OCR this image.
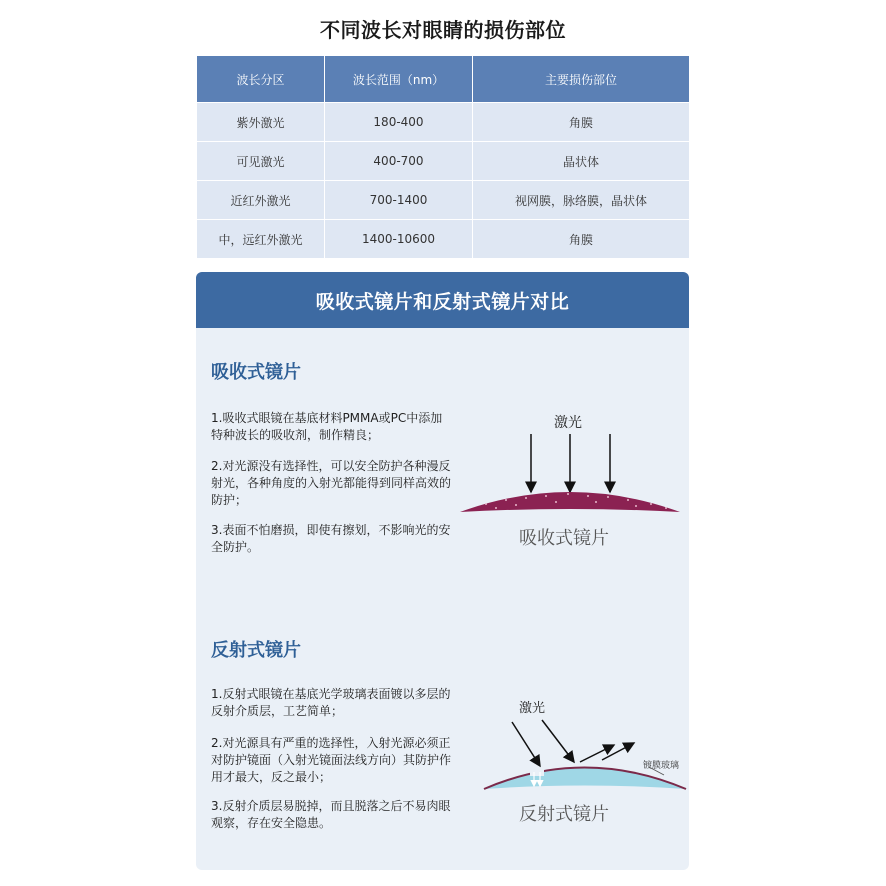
不同波长对眼睛的损伤部位
波长分区	波长范围（nm）	主要损伤部位
紫外激光	180-400	角膜
可见激光	400-700	晶状体
近红外激光	700-1400	视网膜，脉络膜，晶状体
中，远红外激光	1400-10600	角膜
吸收式镜片和反射式镜片对比
吸收式镜片

1.吸收式眼镜在基底材料PMMA或PC中添加特种波长的吸收剂，制作精良；

2.对光源没有选择性，可以安全防护各种漫反射光，各种角度的入射光都能得到同样高效的防护；

3.表面不怕磨损，即使有擦划，不影响光的安全防护。

激光
吸收式镜片
反射式镜片

1.反射式眼镜在基底光学玻璃表面镀以多层的反射介质层，工艺简单；

2.对光源具有严重的选择性，入射光源必须正对防护镜面（入射光镜面法线方向）其防护作用才最大，反之最小；

3.反射介质层易脱掉，而且脱落之后不易肉眼观察，存在安全隐患。

激光
镀膜玻璃
反射式镜片
